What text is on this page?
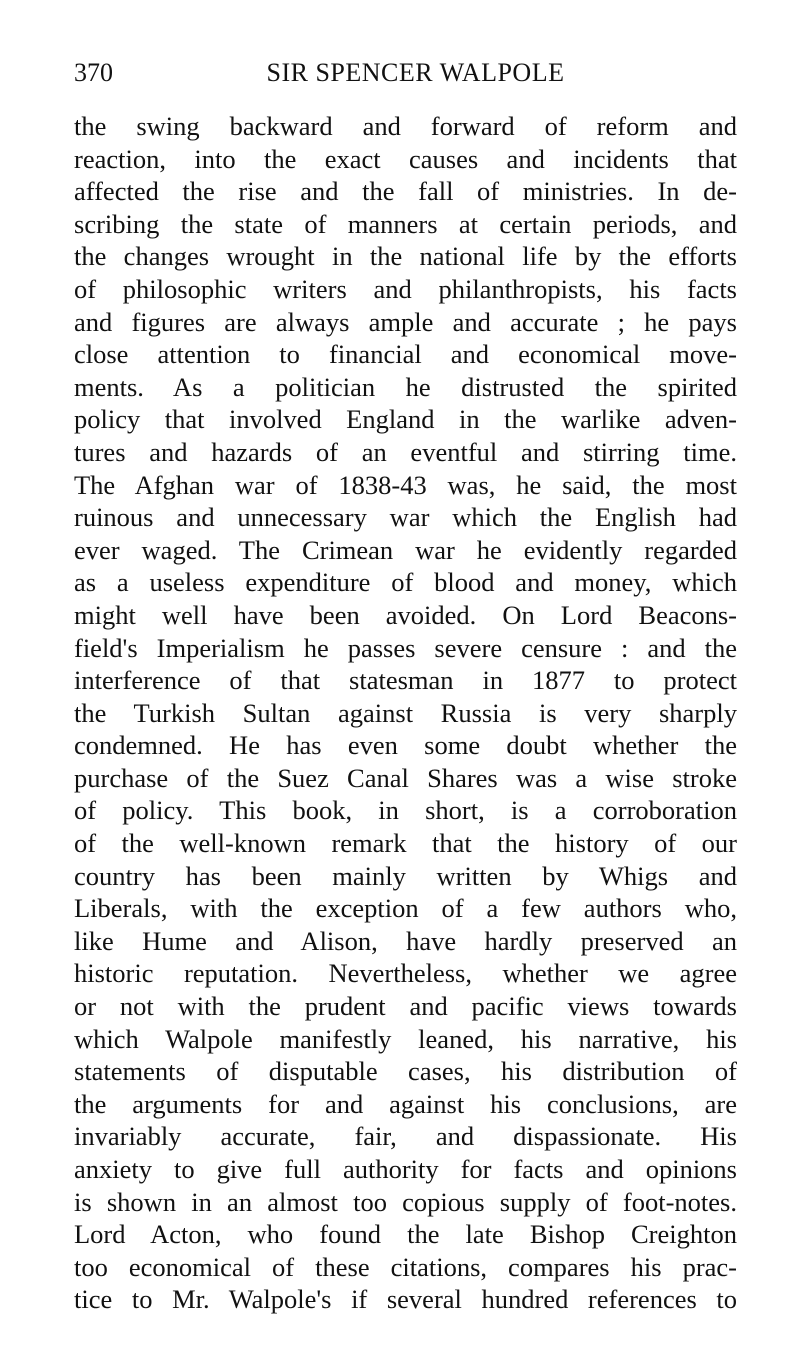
370	SIR SPENCER WALPOLE
the swing backward and forward of reform and
reaction, into the exact causes and incidents that
affected the rise and the fall of ministries. In de-
scribing the state of manners at certain periods, and
the changes wrought in the national life by the efforts
of philosophic writers and philanthropists, his facts
and figures are always ample and accurate ; he pays
close attention to financial and economical move-
ments. As a politician he distrusted the spirited
policy that involved England in the warlike adven-
tures and hazards of an eventful and stirring time.
The Afghan war of 1838-43 was, he said, the most
ruinous and unnecessary war which the English had
ever waged. The Crimean war he evidently regarded
as a useless expenditure of blood and money, which
might well have been avoided. On Lord Beacons-
field's Imperialism he passes severe censure : and the
interference of that statesman in 1877 to protect
the Turkish Sultan against Russia is very sharply
condemned. He has even some doubt whether the
purchase of the Suez Canal Shares was a wise stroke
of policy. This book, in short, is a corroboration
of the well-known remark that the history of our
country has been mainly written by Whigs and
Liberals, with the exception of a few authors who,
like Hume and Alison, have hardly preserved an
historic reputation. Nevertheless, whether we agree
or not with the prudent and pacific views towards
which Walpole manifestly leaned, his narrative, his
statements of disputable cases, his distribution of
the arguments for and against his conclusions, are
invariably accurate, fair, and dispassionate. His
anxiety to give full authority for facts and opinions
is shown in an almost too copious supply of foot-notes.
Lord Acton, who found the late Bishop Creighton
too economical of these citations, compares his prac-
tice to Mr. Walpole's if several hundred references to
